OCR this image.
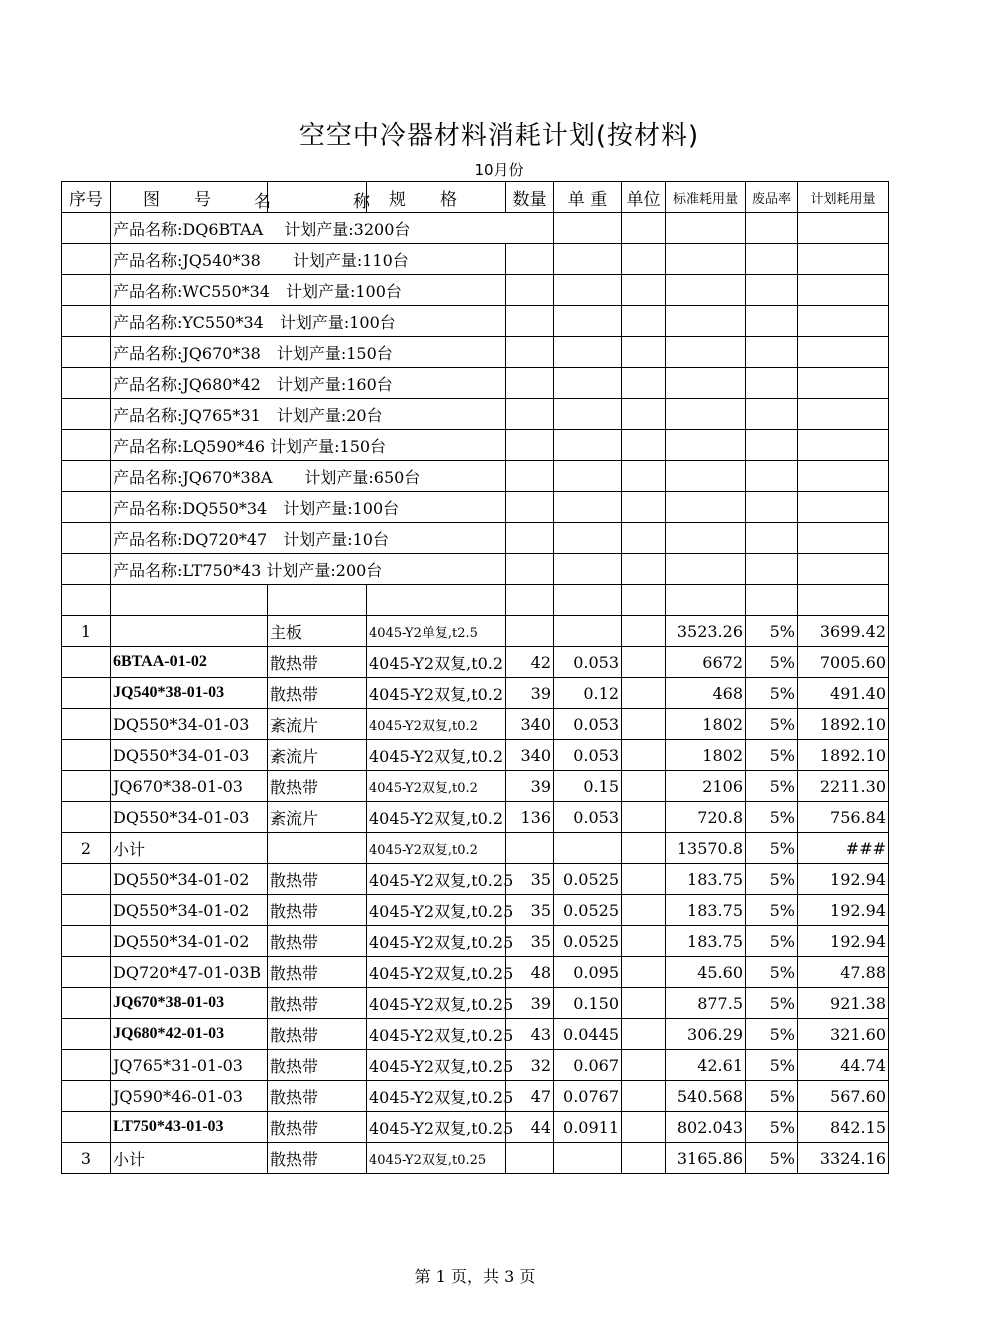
空空中冷器材料消耗计划(按材料)
10月份
序号	图　　号 名	称	规　　格	数量	单 重	单位	标准耗用量	废品率	计划耗用量
	产品名称:DQ6BTAA　 计划产量:3200台								
	产品名称:JQ540*38　　计划产量:110台								
	产品名称:WC550*34　计划产量:100台								
	产品名称:YC550*34　计划产量:100台								
	产品名称:JQ670*38　计划产量:150台								
	产品名称:JQ680*42　计划产量:160台								
	产品名称:JQ765*31　计划产量:20台								
	产品名称:LQ590*46 计划产量:150台								
	产品名称:JQ670*38A　　计划产量:650台								
	产品名称:DQ550*34　计划产量:100台								
	产品名称:DQ720*47　计划产量:10台								
	产品名称:LT750*43 计划产量:200台								

1		主板	4045-Y2单复,t2.5				3523.26	5%	3699.42
	6BTAA-01-02	散热带	4045-Y2双复,t0.2	42	0.053		6672	5%	7005.60
	JQ540*38-01-03	散热带	4045-Y2双复,t0.2	39	0.12		468	5%	491.40
	DQ550*34-01-03	紊流片	4045-Y2双复,t0.2	340	0.053		1802	5%	1892.10
	DQ550*34-01-03	紊流片	4045-Y2双复,t0.2	340	0.053		1802	5%	1892.10
	JQ670*38-01-03	散热带	4045-Y2双复,t0.2	39	0.15		2106	5%	2211.30
	DQ550*34-01-03	紊流片	4045-Y2双复,t0.2	136	0.053		720.8	5%	756.84
2	小计		4045-Y2双复,t0.2				13570.8	5%	###
	DQ550*34-01-02	散热带	4045-Y2双复,t0.25	35	0.0525		183.75	5%	192.94
	DQ550*34-01-02	散热带	4045-Y2双复,t0.25	35	0.0525		183.75	5%	192.94
	DQ550*34-01-02	散热带	4045-Y2双复,t0.25	35	0.0525		183.75	5%	192.94
	DQ720*47-01-03B	散热带	4045-Y2双复,t0.25	48	0.095		45.60	5%	47.88
	JQ670*38-01-03	散热带	4045-Y2双复,t0.25	39	0.150		877.5	5%	921.38
	JQ680*42-01-03	散热带	4045-Y2双复,t0.25	43	0.0445		306.29	5%	321.60
	JQ765*31-01-03	散热带	4045-Y2双复,t0.25	32	0.067		42.61	5%	44.74
	JQ590*46-01-03	散热带	4045-Y2双复,t0.25	47	0.0767		540.568	5%	567.60
	LT750*43-01-03	散热带	4045-Y2双复,t0.25	44	0.0911		802.043	5%	842.15
3	小计	散热带	4045-Y2双复,t0.25				3165.86	5%	3324.16
第 1 页，共 3 页
